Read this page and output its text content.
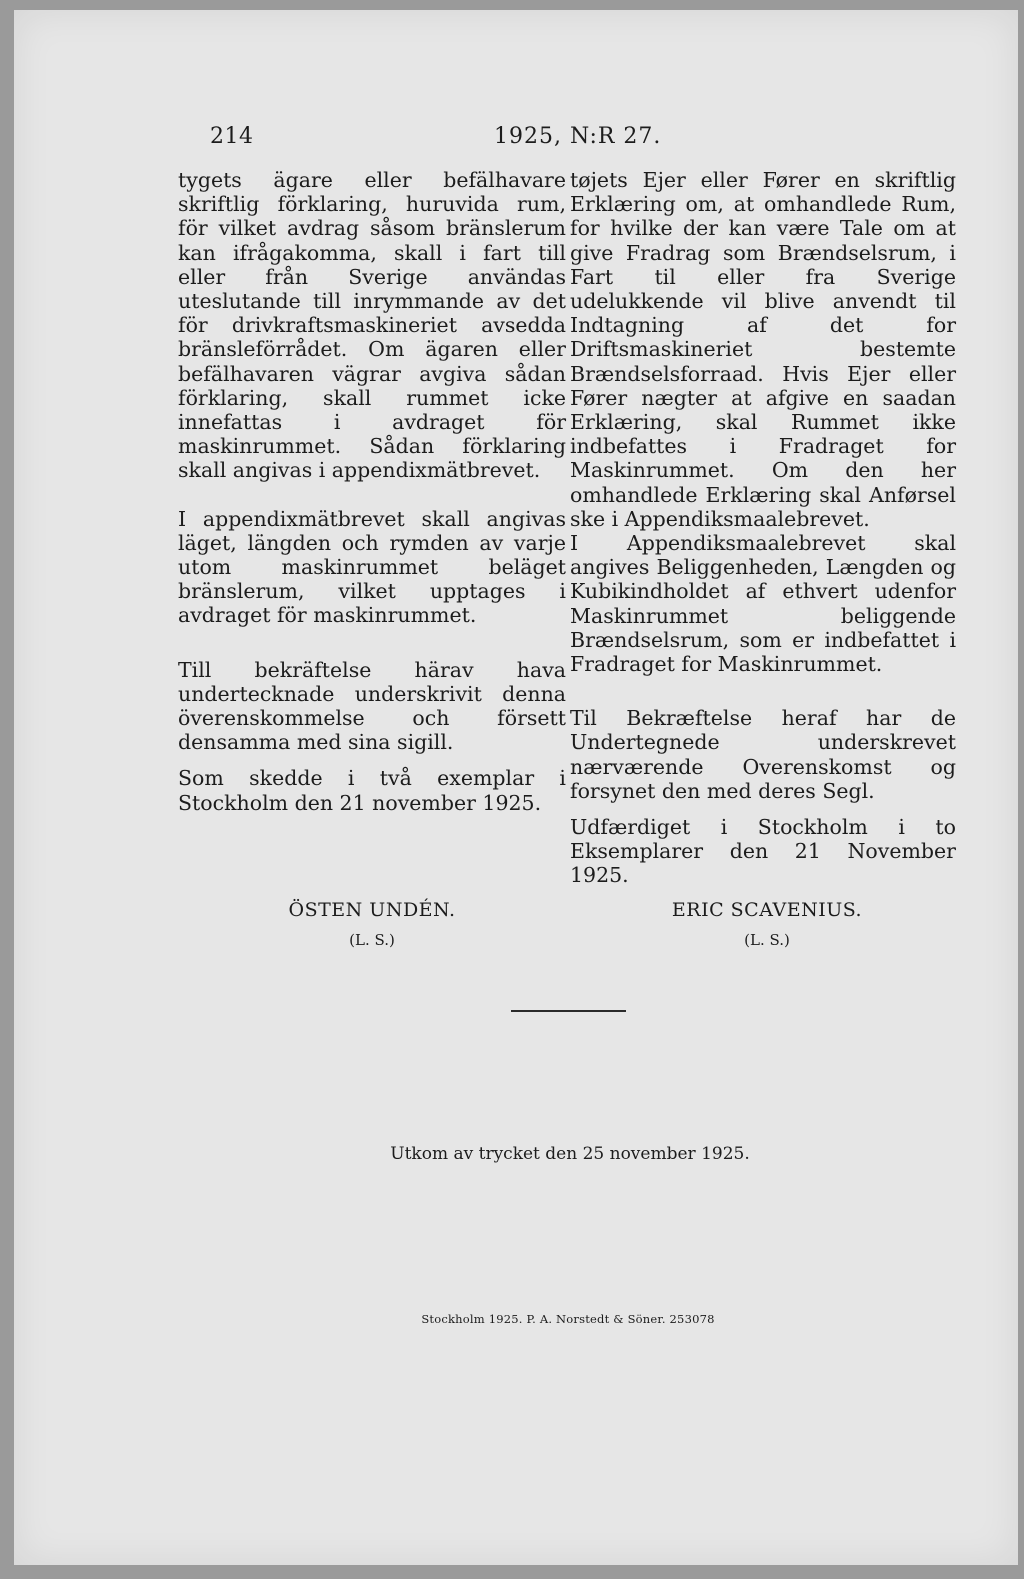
214	1925, N:R 27.

tygets ägare eller befälhavare skriftlig förklaring, huruvida rum, för vilket avdrag såsom bränslerum kan ifrågakomma, skall i fart till eller från Sverige användas uteslutande till inrymmande av det för drivkraftsmaskineriet avsedda bränsleförrådet. Om ägaren eller befälhavaren vägrar avgiva sådan förklaring, skall rummet icke innefattas i avdraget för maskinrummet. Sådan förklaring skall angivas i appendixmätbrevet.

I appendixmätbrevet skall angivas läget, längden och rymden av varje utom maskinrummet beläget bränslerum, vilket upptages i avdraget för maskinrummet.

Till bekräftelse härav hava undertecknade underskrivit denna överenskommelse och försett densamma med sina sigill.

Som skedde i två exemplar i Stockholm den 21 november 1925.

tøjets Ejer eller Fører en skriftlig Erklæring om, at omhandlede Rum, for hvilke der kan være Tale om at give Fradrag som Brændselsrum, i Fart til eller fra Sverige udelukkende vil blive anvendt til Indtagning af det for Driftsmaskineriet bestemte Brændselsforraad. Hvis Ejer eller Fører nægter at afgive en saadan Erklæring, skal Rummet ikke indbefattes i Fradraget for Maskinrummet. Om den her omhandlede Erklæring skal Anførsel ske i Appendiksmaalebrevet.

I Appendiksmaalebrevet skal angives Beliggenheden, Længden og Kubikindholdet af ethvert udenfor Maskinrummet beliggende Brændselsrum, som er indbefattet i Fradraget for Maskinrummet.

Til Bekræftelse heraf har de Undertegnede underskrevet nærværende Overenskomst og forsynet den med deres Segl.

Udfærdiget i Stockholm i to Eksemplarer den 21 November 1925.

ÖSTEN UNDÉN.
(L. S.)
ERIC SCAVENIUS.
(L. S.)
Utkom av trycket den 25 november 1925.
Stockholm 1925. P. A. Norstedt & Söner. 253078
